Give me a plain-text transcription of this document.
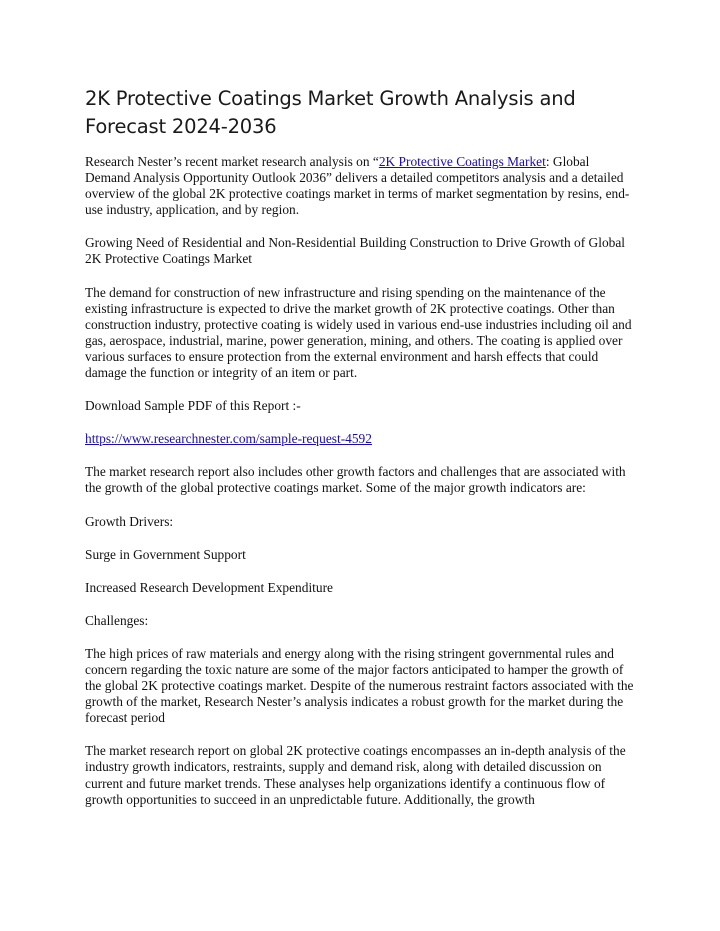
2K Protective Coatings Market Growth Analysis and Forecast 2024-2036

Research Nester’s recent market research analysis on “2K Protective Coatings Market: Global Demand Analysis Opportunity Outlook 2036” delivers a detailed competitors analysis and a detailed overview of the global 2K protective coatings market in terms of market segmentation by resins, end-use industry, application, and by region.

Growing Need of Residential and Non-Residential Building Construction to Drive Growth of Global 2K Protective Coatings Market

The demand for construction of new infrastructure and rising spending on the maintenance of the existing infrastructure is expected to drive the market growth of 2K protective coatings. Other than construction industry, protective coating is widely used in various end-use industries including oil and gas, aerospace, industrial, marine, power generation, mining, and others. The coating is applied over various surfaces to ensure protection from the external environment and harsh effects that could damage the function or integrity of an item or part.

Download Sample PDF of this Report :-

https://www.researchnester.com/sample-request-4592

The market research report also includes other growth factors and challenges that are associated with the growth of the global protective coatings market. Some of the major growth indicators are:

Growth Drivers:

Surge in Government Support

Increased Research Development Expenditure

Challenges:

The high prices of raw materials and energy along with the rising stringent governmental rules and concern regarding the toxic nature are some of the major factors anticipated to hamper the growth of the global 2K protective coatings market. Despite of the numerous restraint factors associated with the growth of the market, Research Nester’s analysis indicates a robust growth for the market during the forecast period

The market research report on global 2K protective coatings encompasses an in-depth analysis of the industry growth indicators, restraints, supply and demand risk, along with detailed discussion on current and future market trends. These analyses help organizations identify a continuous flow of growth opportunities to succeed in an unpredictable future. Additionally, the growth
